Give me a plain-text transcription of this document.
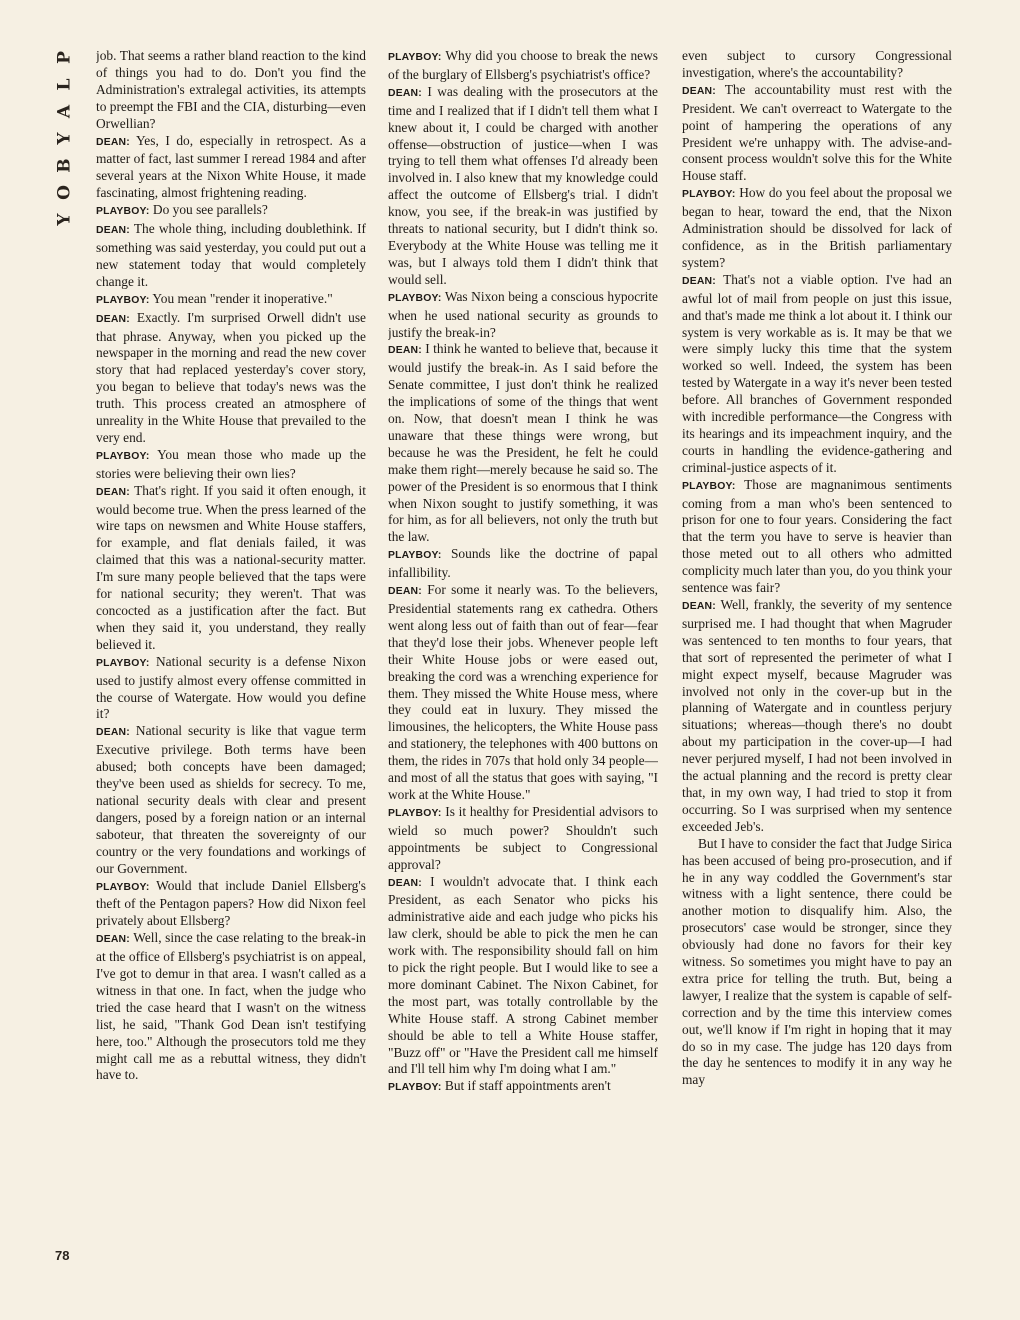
P
L
A
Y
B
O
Y

job. That seems a rather bland reaction to the kind of things you had to do. Don't you find the Administration's extralegal activities, its attempts to preempt the FBI and the CIA, disturbing—even Orwellian?

DEAN: Yes, I do, especially in retrospect. As a matter of fact, last summer I reread 1984 and after several years at the Nixon White House, it made fascinating, almost frightening reading.

PLAYBOY: Do you see parallels?

DEAN: The whole thing, including doublethink. If something was said yesterday, you could put out a new statement today that would completely change it.

PLAYBOY: You mean "render it inoperative."

DEAN: Exactly. I'm surprised Orwell didn't use that phrase. Anyway, when you picked up the newspaper in the morning and read the new cover story that had replaced yesterday's cover story, you began to believe that today's news was the truth. This process created an atmosphere of unreality in the White House that prevailed to the very end.

PLAYBOY: You mean those who made up the stories were believing their own lies?

DEAN: That's right. If you said it often enough, it would become true. When the press learned of the wire taps on newsmen and White House staffers, for example, and flat denials failed, it was claimed that this was a national-security matter. I'm sure many people believed that the taps were for national security; they weren't. That was concocted as a justification after the fact. But when they said it, you understand, they really believed it.

PLAYBOY: National security is a defense Nixon used to justify almost every offense committed in the course of Watergate. How would you define it?

DEAN: National security is like that vague term Executive privilege. Both terms have been abused; both concepts have been damaged; they've been used as shields for secrecy. To me, national security deals with clear and present dangers, posed by a foreign nation or an internal saboteur, that threaten the sovereignty of our country or the very foundations and workings of our Government.

PLAYBOY: Would that include Daniel Ellsberg's theft of the Pentagon papers? How did Nixon feel privately about Ellsberg?

DEAN: Well, since the case relating to the break-in at the office of Ellsberg's psychiatrist is on appeal, I've got to demur in that area. I wasn't called as a witness in that one. In fact, when the judge who tried the case heard that I wasn't on the witness list, he said, "Thank God Dean isn't testifying here, too." Although the prosecutors told me they might call me as a rebuttal witness, they didn't have to.

PLAYBOY: Why did you choose to break the news of the burglary of Ellsberg's psychiatrist's office?

DEAN: I was dealing with the prosecutors at the time and I realized that if I didn't tell them what I knew about it, I could be charged with another offense—obstruction of justice—when I was trying to tell them what offenses I'd already been involved in. I also knew that my knowledge could affect the outcome of Ellsberg's trial. I didn't know, you see, if the break-in was justified by threats to national security, but I didn't think so. Everybody at the White House was telling me it was, but I always told them I didn't think that would sell.

PLAYBOY: Was Nixon being a conscious hypocrite when he used national security as grounds to justify the break-in?

DEAN: I think he wanted to believe that, because it would justify the break-in. As I said before the Senate committee, I just don't think he realized the implications of some of the things that went on. Now, that doesn't mean I think he was unaware that these things were wrong, but because he was the President, he felt he could make them right—merely because he said so. The power of the President is so enormous that I think when Nixon sought to justify something, it was for him, as for all believers, not only the truth but the law.

PLAYBOY: Sounds like the doctrine of papal infallibility.

DEAN: For some it nearly was. To the believers, Presidential statements rang ex cathedra. Others went along less out of faith than out of fear—fear that they'd lose their jobs. Whenever people left their White House jobs or were eased out, breaking the cord was a wrenching experience for them. They missed the White House mess, where they could eat in luxury. They missed the limousines, the helicopters, the White House pass and stationery, the telephones with 400 buttons on them, the rides in 707s that hold only 34 people—and most of all the status that goes with saying, "I work at the White House."

PLAYBOY: Is it healthy for Presidential advisors to wield so much power? Shouldn't such appointments be subject to Congressional approval?

DEAN: I wouldn't advocate that. I think each President, as each Senator who picks his administrative aide and each judge who picks his law clerk, should be able to pick the men he can work with. The responsibility should fall on him to pick the right people. But I would like to see a more dominant Cabinet. The Nixon Cabinet, for the most part, was totally controllable by the White House staff. A strong Cabinet member should be able to tell a White House staffer, "Buzz off" or "Have the President call me himself and I'll tell him why I'm doing what I am."

PLAYBOY: But if staff appointments aren't

even subject to cursory Congressional investigation, where's the accountability?

DEAN: The accountability must rest with the President. We can't overreact to Watergate to the point of hampering the operations of any President we're unhappy with. The advise-and-consent process wouldn't solve this for the White House staff.

PLAYBOY: How do you feel about the proposal we began to hear, toward the end, that the Nixon Administration should be dissolved for lack of confidence, as in the British parliamentary system?

DEAN: That's not a viable option. I've had an awful lot of mail from people on just this issue, and that's made me think a lot about it. I think our system is very workable as is. It may be that we were simply lucky this time that the system worked so well. Indeed, the system has been tested by Watergate in a way it's never been tested before. All branches of Government responded with incredible performance—the Congress with its hearings and its impeachment inquiry, and the courts in handling the evidence-gathering and criminal-justice aspects of it.

PLAYBOY: Those are magnanimous sentiments coming from a man who's been sentenced to prison for one to four years. Considering the fact that the term you have to serve is heavier than those meted out to all others who admitted complicity much later than you, do you think your sentence was fair?

DEAN: Well, frankly, the severity of my sentence surprised me. I had thought that when Magruder was sentenced to ten months to four years, that that sort of represented the perimeter of what I might expect myself, because Magruder was involved not only in the cover-up but in the planning of Watergate and in countless perjury situations; whereas—though there's no doubt about my participation in the cover-up—I had never perjured myself, I had not been involved in the actual planning and the record is pretty clear that, in my own way, I had tried to stop it from occurring. So I was surprised when my sentence exceeded Jeb's.

But I have to consider the fact that Judge Sirica has been accused of being pro-prosecution, and if he in any way coddled the Government's star witness with a light sentence, there could be another motion to disqualify him. Also, the prosecutors' case would be stronger, since they obviously had done no favors for their key witness. So sometimes you might have to pay an extra price for telling the truth. But, being a lawyer, I realize that the system is capable of self-correction and by the time this interview comes out, we'll know if I'm right in hoping that it may do so in my case. The judge has 120 days from the day he sentences to modify it in any way he may

78
